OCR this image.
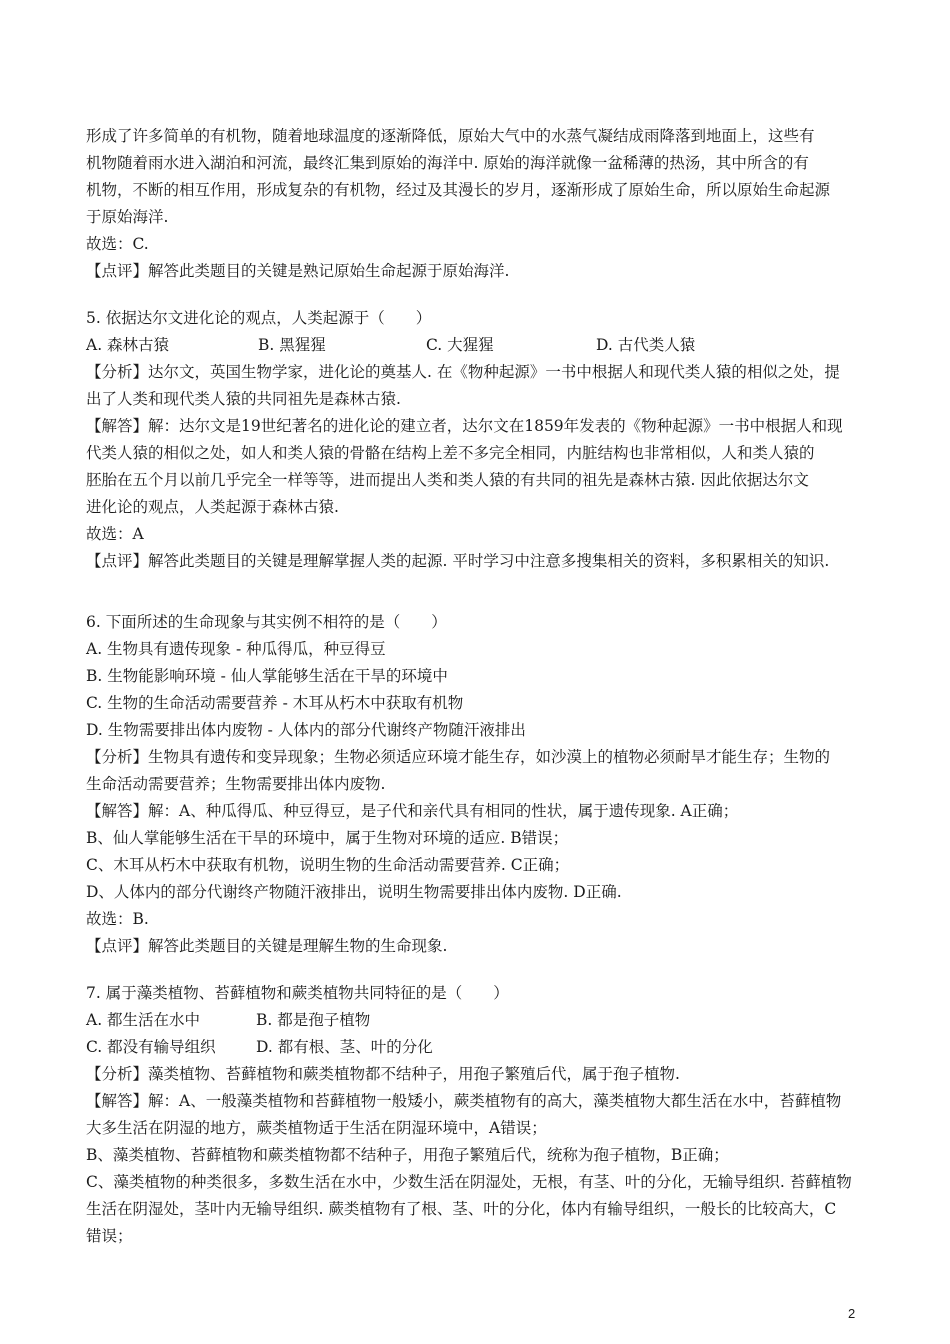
形成了许多简单的有机物，随着地球温度的逐渐降低，原始大气中的水蒸气凝结成雨降落到地面上，这些有
机物随着雨水进入湖泊和河流，最终汇集到原始的海洋中. 原始的海洋就像一盆稀薄的热汤，其中所含的有
机物，不断的相互作用，形成复杂的有机物，经过及其漫长的岁月，逐渐形成了原始生命，所以原始生命起源
于原始海洋.
故选：C.
【点评】解答此类题目的关键是熟记原始生命起源于原始海洋.
5. 依据达尔文进化论的观点，人类起源于（　　）
A. 森林古猿	B. 黑猩猩	C. 大猩猩	D. 古代类人猿
【分析】达尔文，英国生物学家，进化论的奠基人. 在《物种起源》一书中根据人和现代类人猿的相似之处，提
出了人类和现代类人猿的共同祖先是森林古猿.
【解答】解：达尔文是19世纪著名的进化论的建立者，达尔文在1859年发表的《物种起源》一书中根据人和现
代类人猿的相似之处，如人和类人猿的骨骼在结构上差不多完全相同，内脏结构也非常相似，人和类人猿的
胚胎在五个月以前几乎完全一样等等，进而提出人类和类人猿的有共同的祖先是森林古猿. 因此依据达尔文
进化论的观点，人类起源于森林古猿.
故选：A
【点评】解答此类题目的关键是理解掌握人类的起源. 平时学习中注意多搜集相关的资料，多积累相关的知识.
6. 下面所述的生命现象与其实例不相符的是（　　）
A. 生物具有遗传现象 - 种瓜得瓜，种豆得豆
B. 生物能影响环境 - 仙人掌能够生活在干旱的环境中
C. 生物的生命活动需要营养 - 木耳从朽木中获取有机物
D. 生物需要排出体内废物 - 人体内的部分代谢终产物随汗液排出
【分析】生物具有遗传和变异现象；生物必须适应环境才能生存，如沙漠上的植物必须耐旱才能生存；生物的
生命活动需要营养；生物需要排出体内废物.
【解答】解：A、种瓜得瓜、种豆得豆，是子代和亲代具有相同的性状，属于遗传现象. A正确；
B、仙人掌能够生活在干旱的环境中，属于生物对环境的适应. B错误；
C、木耳从朽木中获取有机物，说明生物的生命活动需要营养. C正确；
D、人体内的部分代谢终产物随汗液排出，说明生物需要排出体内废物. D正确.
故选：B.
【点评】解答此类题目的关键是理解生物的生命现象.
7. 属于藻类植物、苔藓植物和蕨类植物共同特征的是（　　）
A. 都生活在水中	B. 都是孢子植物
C. 都没有输导组织	D. 都有根、茎、叶的分化
【分析】藻类植物、苔藓植物和蕨类植物都不结种子，用孢子繁殖后代，属于孢子植物.
【解答】解：A、一般藻类植物和苔藓植物一般矮小，蕨类植物有的高大，藻类植物大都生活在水中，苔藓植物
大多生活在阴湿的地方，蕨类植物适于生活在阴湿环境中，A错误；
B、藻类植物、苔藓植物和蕨类植物都不结种子，用孢子繁殖后代，统称为孢子植物，B正确；
C、藻类植物的种类很多，多数生活在水中，少数生活在阴湿处，无根，有茎、叶的分化，无输导组织. 苔藓植物
生活在阴湿处，茎叶内无输导组织. 蕨类植物有了根、茎、叶的分化，体内有输导组织，一般长的比较高大，C
错误；
2
